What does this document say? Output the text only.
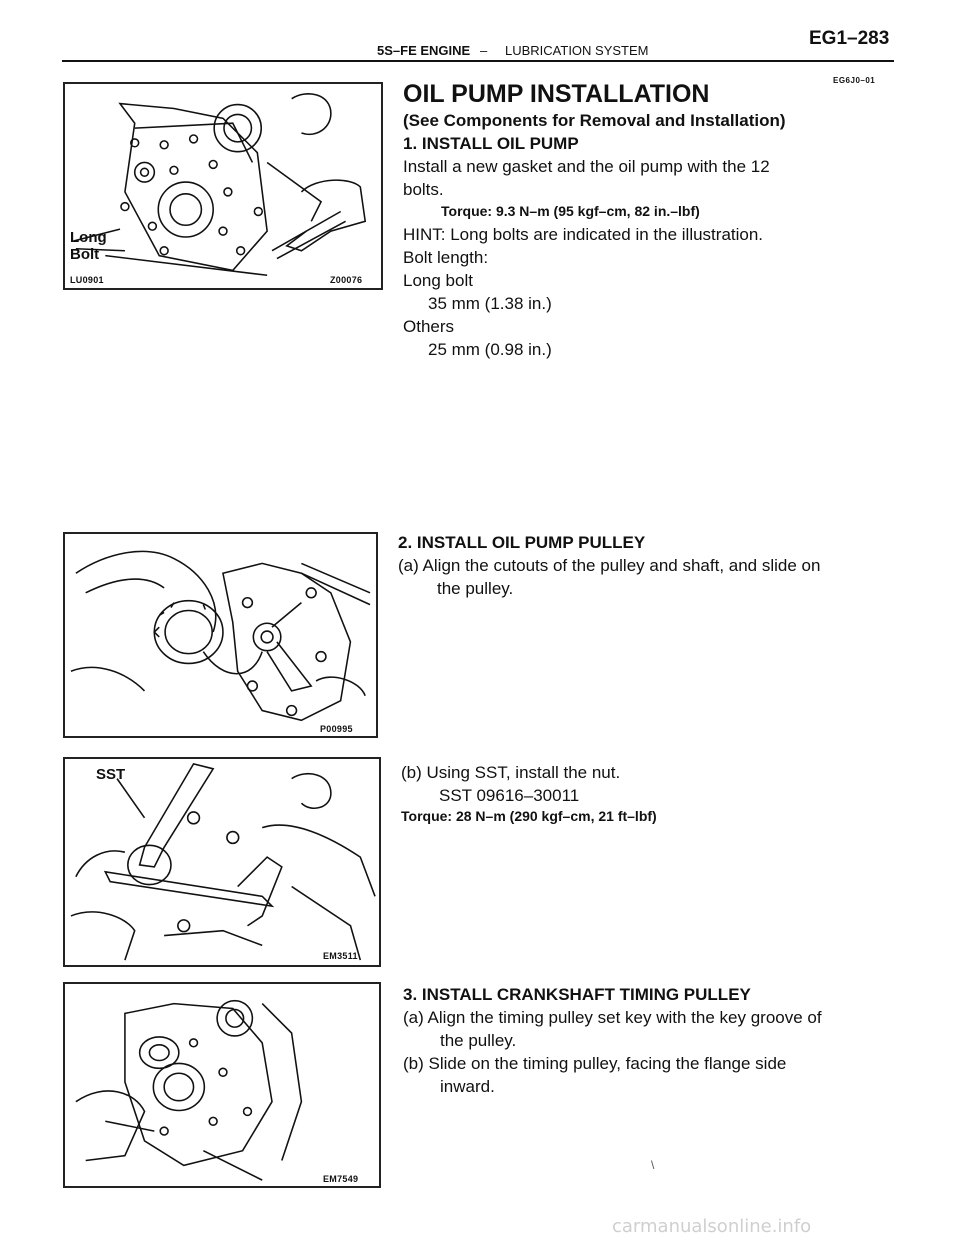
5S–FE ENGINE – LUBRICATION SYSTEM
EG1–283
EG6J0–01
Long
Bolt
LU0901	Z00076
OIL PUMP INSTALLATION
(See Components for Removal and Installation)
1. INSTALL OIL PUMP
Install a new gasket and the oil pump with the 12 bolts.
Torque: 9.3 N–m (95 kgf–cm, 82 in.–lbf)
HINT: Long bolts are indicated in the illustration.
Bolt length:
Long bolt
35 mm (1.38 in.)
Others
25 mm (0.98 in.)
P00995
2. INSTALL OIL PUMP PULLEY
(a) Align the cutouts of the pulley and shaft, and slide on
the pulley.
SST
EM3511
(b) Using SST, install the nut.
SST 09616–30011
Torque: 28 N–m (290 kgf–cm, 21 ft–lbf)
EM7549
3. INSTALL CRANKSHAFT TIMING PULLEY
(a) Align the timing pulley set key with the key groove of
the pulley.
(b) Slide on the timing pulley, facing the flange side
inward.
\
carmanualsonline.info
